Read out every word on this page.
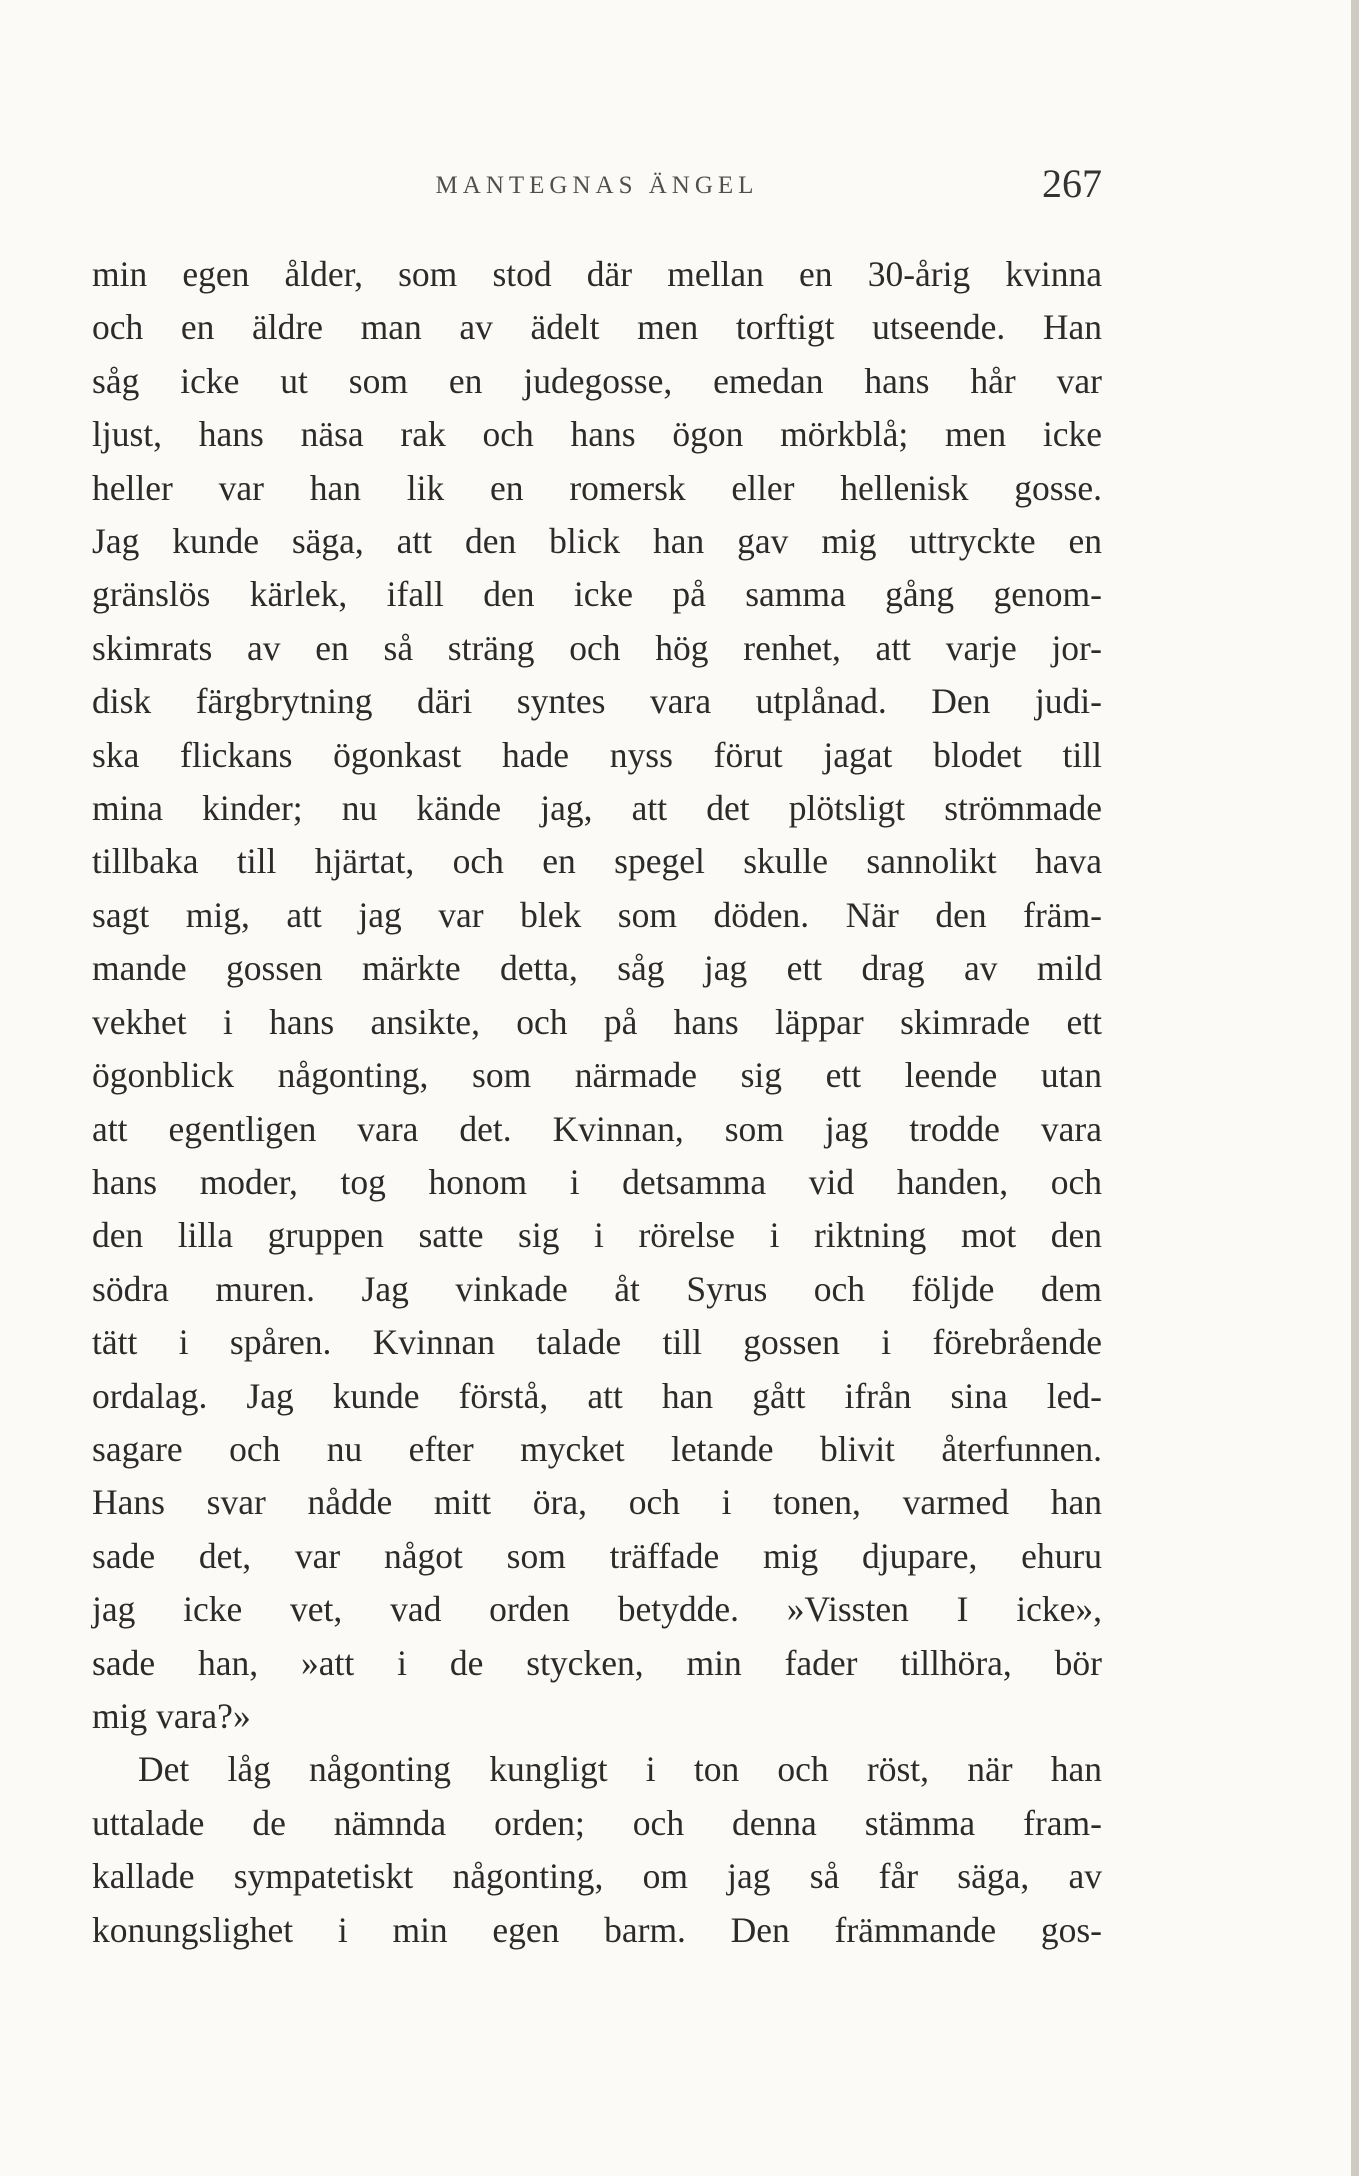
MANTEGNAS ÄNGEL	267
min egen ålder, som stod där mellan en 30-årig kvinna
och en äldre man av ädelt men torftigt utseende. Han
såg icke ut som en judegosse, emedan hans hår var
ljust, hans näsa rak och hans ögon mörkblå; men icke
heller var han lik en romersk eller hellenisk gosse.
Jag kunde säga, att den blick han gav mig uttryckte en
gränslös kärlek, ifall den icke på samma gång genom-
skimrats av en så sträng och hög renhet, att varje jor-
disk färgbrytning däri syntes vara utplånad. Den judi-
ska flickans ögonkast hade nyss förut jagat blodet till
mina kinder; nu kände jag, att det plötsligt strömmade
tillbaka till hjärtat, och en spegel skulle sannolikt hava
sagt mig, att jag var blek som döden. När den främ-
mande gossen märkte detta, såg jag ett drag av mild
vekhet i hans ansikte, och på hans läppar skimrade ett
ögonblick någonting, som närmade sig ett leende utan
att egentligen vara det. Kvinnan, som jag trodde vara
hans moder, tog honom i detsamma vid handen, och
den lilla gruppen satte sig i rörelse i riktning mot den
södra muren. Jag vinkade åt Syrus och följde dem
tätt i spåren. Kvinnan talade till gossen i förebrående
ordalag. Jag kunde förstå, att han gått ifrån sina led-
sagare och nu efter mycket letande blivit återfunnen.
Hans svar nådde mitt öra, och i tonen, varmed han
sade det, var något som träffade mig djupare, ehuru
jag icke vet, vad orden betydde. »Vissten I icke»,
sade han, »att i de stycken, min fader tillhöra, bör
mig vara?»
Det låg någonting kungligt i ton och röst, när han
uttalade de nämnda orden; och denna stämma fram-
kallade sympatetiskt någonting, om jag så får säga, av
konungslighet i min egen barm. Den främmande gos-
